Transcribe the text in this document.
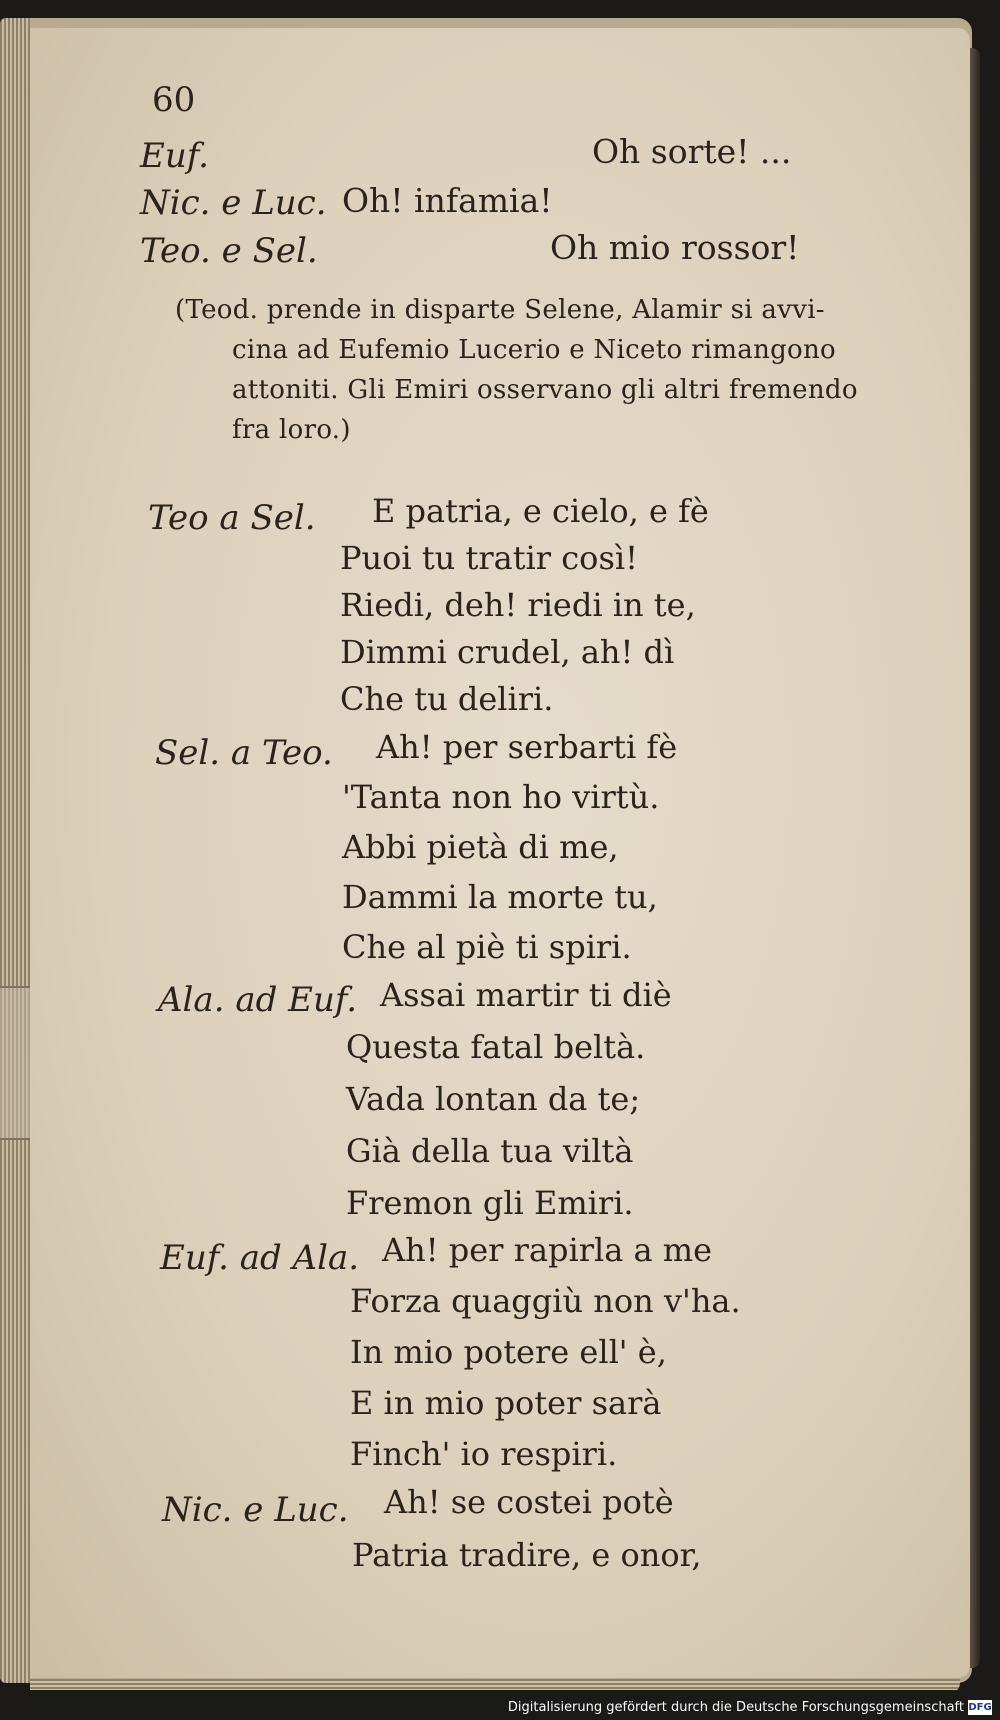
60
Euf.	Oh sorte! ...
Nic. e Luc. Oh! infamia!
Teo. e Sel.	Oh mio rossor!
(Teod. prende in disparte Selene, Alamir si avvi-
cina ad Eufemio Lucerio e Niceto rimangono
attoniti. Gli Emiri osservano gli altri fremendo
fra loro.)
Teo a Sel. E patria, e cielo, e fè
Puoi tu tratir così!
Riedi, deh! riedi in te,
Dimmi crudel, ah! dì
Che tu deliri.
Sel. a Teo. Ah! per serbarti fè
'Tanta non ho virtù.
Abbi pietà di me,
Dammi la morte tu,
Che al piè ti spiri.
Ala. ad Euf. Assai martir ti diè
Questa fatal beltà.
Vada lontan da te;
Già della tua viltà
Fremon gli Emiri.
Euf. ad Ala. Ah! per rapirla a me
Forza quaggiù non v'ha.
In mio potere ell' è,
E in mio poter sarà
Finch' io respiri.
Nic. e Luc. Ah! se costei potè
Patria tradire, e onor,
Digitalisierung gefördert durch die Deutsche Forschungsgemeinschaft DFG
